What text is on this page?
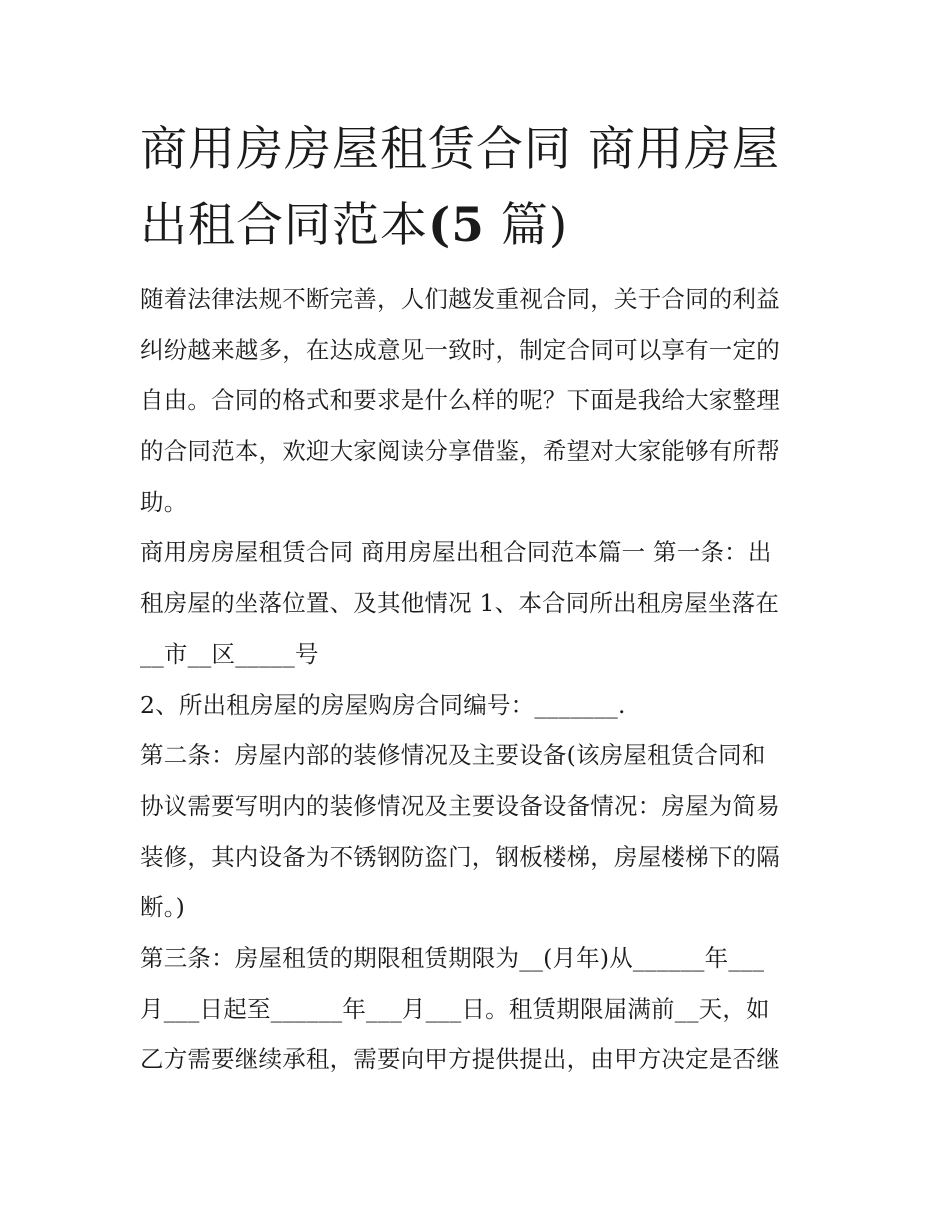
商用房房屋租赁合同 商用房屋
出租合同范本(5 篇)

随着法律法规不断完善，人们越发重视合同，关于合同的利益
纠纷越来越多，在达成意见一致时，制定合同可以享有一定的
自由。合同的格式和要求是什么样的呢？下面是我给大家整理
的合同范本，欢迎大家阅读分享借鉴，希望对大家能够有所帮
助。

商用房房屋租赁合同 商用房屋出租合同范本篇一 第一条：出
租房屋的坐落位置、及其他情况 1、本合同所出租房屋坐落在
__市__区_____号

2、所出租房屋的房屋购房合同编号：_______.

第二条：房屋内部的装修情况及主要设备(该房屋租赁合同和
协议需要写明内的装修情况及主要设备设备情况：房屋为简易
装修，其内设备为不锈钢防盗门，钢板楼梯，房屋楼梯下的隔
断。)

第三条：房屋租赁的期限租赁期限为__(月年)从______年___
月___日起至______年___月___日。租赁期限届满前__天，如
乙方需要继续承租，需要向甲方提供提出，由甲方决定是否继
